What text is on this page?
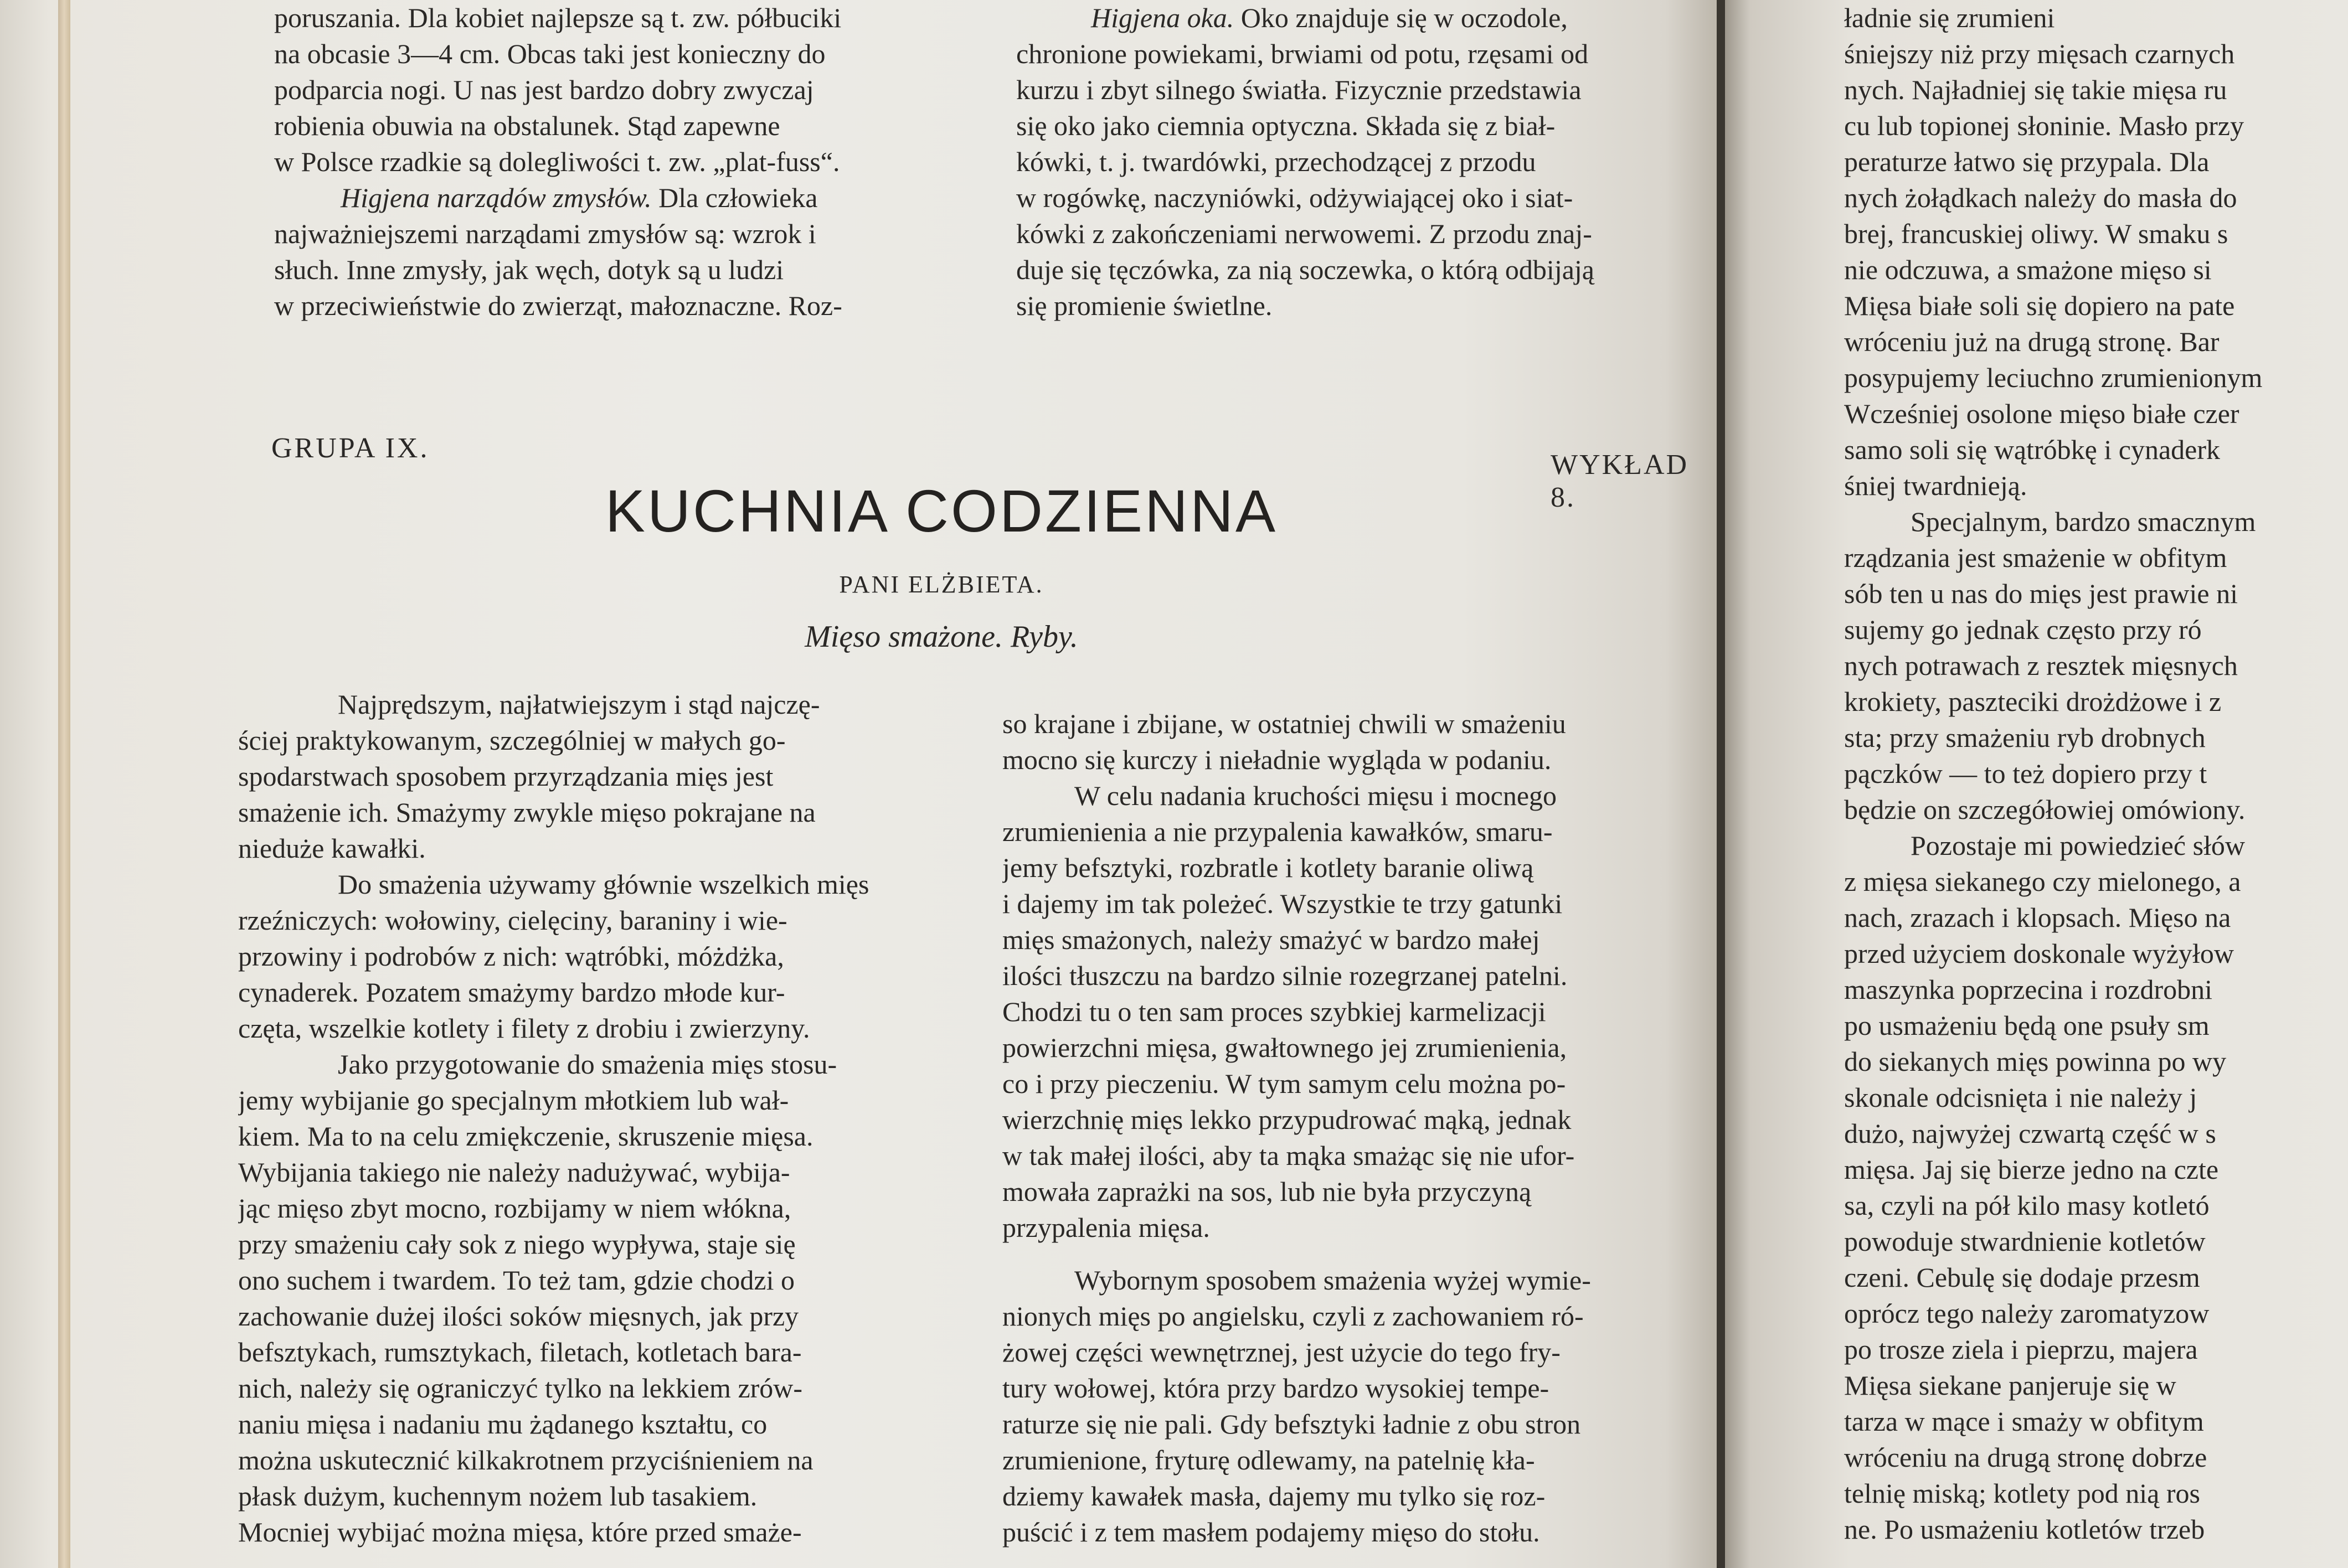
poruszania. Dla kobiet najlepsze są t. zw. półbuciki
na obcasie 3—4 cm. Obcas taki jest konieczny do
podparcia nogi. U nas jest bardzo dobry zwyczaj
robienia obuwia na obstalunek. Stąd zapewne
w Polsce rzadkie są dolegliwości t. zw. „plat-fuss“.
Higjena narządów zmysłów. Dla człowieka
najważniejszemi narządami zmysłów są: wzrok i
słuch. Inne zmysły, jak węch, dotyk są u ludzi
w przeciwieństwie do zwierząt, małoznaczne. Roz-
Higjena oka. Oko znajduje się w oczodole,
chronione powiekami, brwiami od potu, rzęsami od
kurzu i zbyt silnego światła. Fizycznie przedstawia
się oko jako ciemnia optyczna. Składa się z biał-
kówki, t. j. twardówki, przechodzącej z przodu
w rogówkę, naczyniówki, odżywiającej oko i siat-
kówki z zakończeniami nerwowemi. Z przodu znaj-
duje się tęczówka, za nią soczewka, o którą odbijają
się promienie świetlne.
GRUPA IX.
WYKŁAD 8.
KUCHNIA CODZIENNA
PANI ELŻBIETA.
Mięso smażone. Ryby.
Najprędszym, najłatwiejszym i stąd najczę-
ściej praktykowanym, szczególniej w małych go-
spodarstwach sposobem przyrządzania mięs jest
smażenie ich. Smażymy zwykle mięso pokrajane na
nieduże kawałki.
Do smażenia używamy głównie wszelkich mięs
rzeźniczych: wołowiny, cielęciny, baraniny i wie-
przowiny i podrobów z nich: wątróbki, móżdżka,
cynaderek. Pozatem smażymy bardzo młode kur-
częta, wszelkie kotlety i filety z drobiu i zwierzyny.
Jako przygotowanie do smażenia mięs stosu-
jemy wybijanie go specjalnym młotkiem lub wał-
kiem. Ma to na celu zmiękczenie, skruszenie mięsa.
Wybijania takiego nie należy nadużywać, wybija-
jąc mięso zbyt mocno, rozbijamy w niem włókna,
przy smażeniu cały sok z niego wypływa, staje się
ono suchem i twardem. To też tam, gdzie chodzi o
zachowanie dużej ilości soków mięsnych, jak przy
befsztykach, rumsztykach, filetach, kotletach bara-
nich, należy się ograniczyć tylko na lekkiem zrów-
naniu mięsa i nadaniu mu żądanego kształtu, co
można uskutecznić kilkakrotnem przyciśnieniem na
płask dużym, kuchennym nożem lub tasakiem.
Mocniej wybijać można mięsa, które przed smaże-
so krajane i zbijane, w ostatniej chwili w smażeniu
mocno się kurczy i nieładnie wygląda w podaniu.
W celu nadania kruchości mięsu i mocnego
zrumienienia a nie przypalenia kawałków, smaru-
jemy befsztyki, rozbratle i kotlety baranie oliwą
i dajemy im tak poleżeć. Wszystkie te trzy gatunki
mięs smażonych, należy smażyć w bardzo małej
ilości tłuszczu na bardzo silnie rozegrzanej patelni.
Chodzi tu o ten sam proces szybkiej karmelizacji
powierzchni mięsa, gwałtownego jej zrumienienia,
co i przy pieczeniu. W tym samym celu można po-
wierzchnię mięs lekko przypudrować mąką, jednak
w tak małej ilości, aby ta mąka smażąc się nie ufor-
mowała zaprażki na sos, lub nie była przyczyną
przypalenia mięsa.
Wybornym sposobem smażenia wyżej wymie-
nionych mięs po angielsku, czyli z zachowaniem ró-
żowej części wewnętrznej, jest użycie do tego fry-
tury wołowej, która przy bardzo wysokiej tempe-
raturze się nie pali. Gdy befsztyki ładnie z obu stron
zrumienione, fryturę odlewamy, na patelnię kła-
dziemy kawałek masła, dajemy mu tylko się roz-
puścić i z tem masłem podajemy mięso do stołu.
ładnie się zrumieni
śniejszy niż przy mięsach czarnych
nych. Najładniej się takie mięsa ru
cu lub topionej słoninie. Masło przy
peraturze łatwo się przypala. Dla
nych żołądkach należy do masła do
brej, francuskiej oliwy. W smaku s
nie odczuwa, a smażone mięso si
Mięsa białe soli się dopiero na pate
wróceniu już na drugą stronę. Bar
posypujemy leciuchno zrumienionym
Wcześniej osolone mięso białe czer
samo soli się wątróbkę i cynaderk
śniej twardnieją.
Specjalnym, bardzo smacznym
rządzania jest smażenie w obfitym
sób ten u nas do mięs jest prawie ni
sujemy go jednak często przy ró
nych potrawach z resztek mięsnych
krokiety, paszteciki drożdżowe i z
sta; przy smażeniu ryb drobnych
pączków — to też dopiero przy t
będzie on szczegółowiej omówiony.
Pozostaje mi powiedzieć słów
z mięsa siekanego czy mielonego, a
nach, zrazach i klopsach. Mięso na
przed użyciem doskonale wyżyłow
maszynka poprzecina i rozdrobni
po usmażeniu będą one psuły sm
do siekanych mięs powinna po wy
skonale odcisnięta i nie należy j
dużo, najwyżej czwartą część w s
mięsa. Jaj się bierze jedno na czte
sa, czyli na pół kilo masy kotletó
powoduje stwardnienie kotletów
czeni. Cebulę się dodaje przesm
oprócz tego należy zaromatyzow
po trosze ziela i pieprzu, majera
Mięsa siekane panjeruje się w
tarza w mące i smaży w obfitym
wróceniu na drugą stronę dobrze
telnię miską; kotlety pod nią ros
ne. Po usmażeniu kotletów trzeb
